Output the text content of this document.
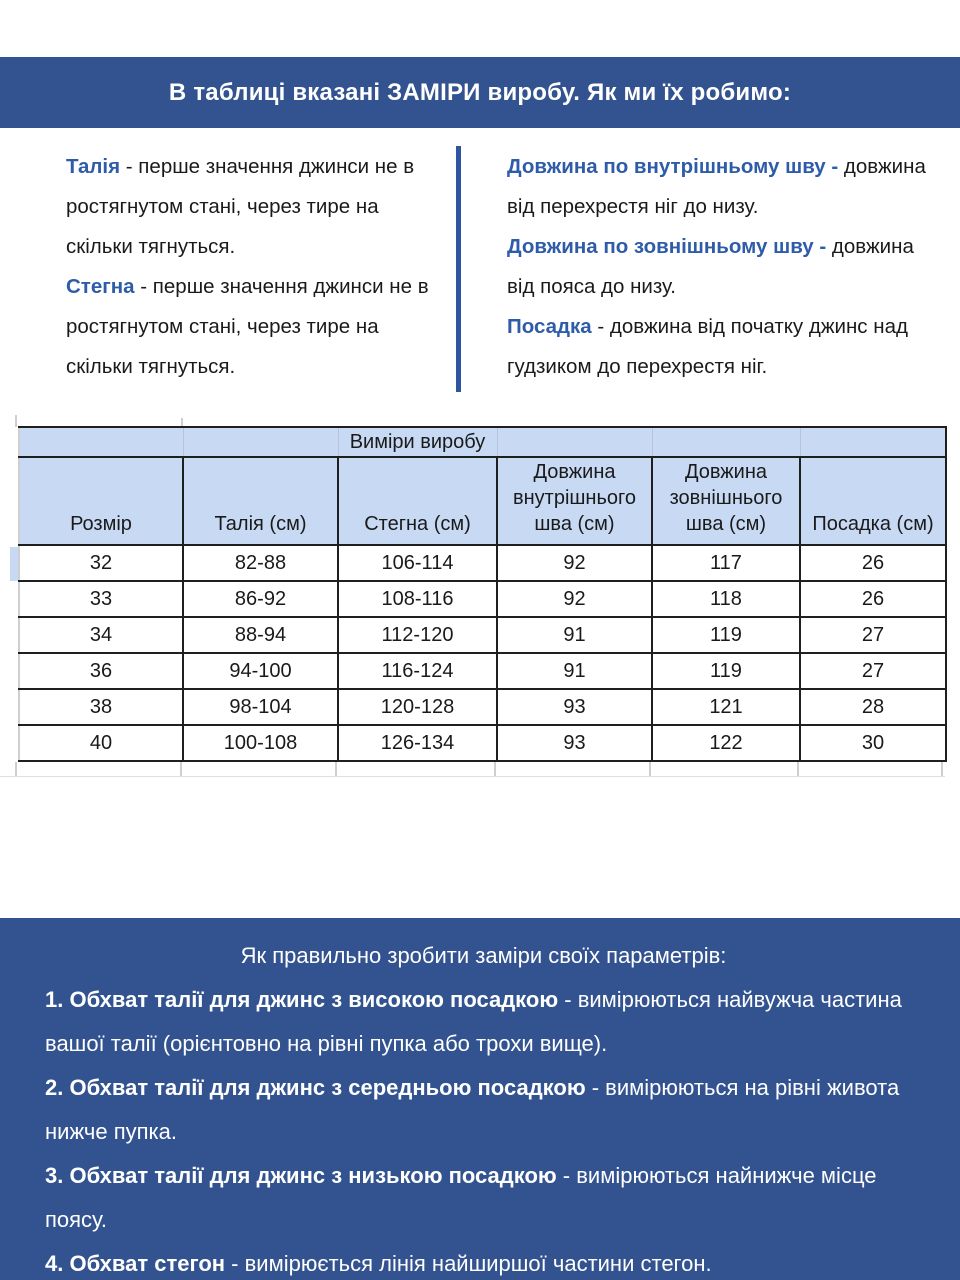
В таблиці вказані ЗАМІРИ виробу. Як ми їх робимо:

Талія - перше значення джинси не в ростягнутом стані, через тире на скільки тягнуться.

Стегна - перше значення джинси не в ростягнутом стані, через тире на скільки тягнуться.

Довжина по внутрішньому шву - довжина від перехрестя ніг до низу.

Довжина по зовнішньому шву - довжина від пояса до низу.

Посадка - довжина від початку джинс над гудзиком до перехрестя ніг.

		Виміри виробу			
Розмір	Талія (см)	Стегна (см)	Довжина внутрішнього шва (см)	Довжина зовнішнього шва (см)	Посадка (см)
32	82-88	106-114	92	117	26
33	86-92	108-116	92	118	26
34	88-94	112-120	91	119	27
36	94-100	116-124	91	119	27
38	98-104	120-128	93	121	28
40	100-108	126-134	93	122	30

Як правильно зробити заміри своїх параметрів:

1. Обхват талії для джинс з високою посадкою - вимірюються найвужча частина вашої талії (орієнтовно на рівні пупка або трохи вище).

2. Обхват талії для джинс з середньою посадкою - вимірюються на рівні живота нижче пупка.

3. Обхват талії для джинс з низькою посадкою - вимірюються найнижче місце поясу.

4. Обхват стегон - вимірюється лінія найширшої частини стегон.
